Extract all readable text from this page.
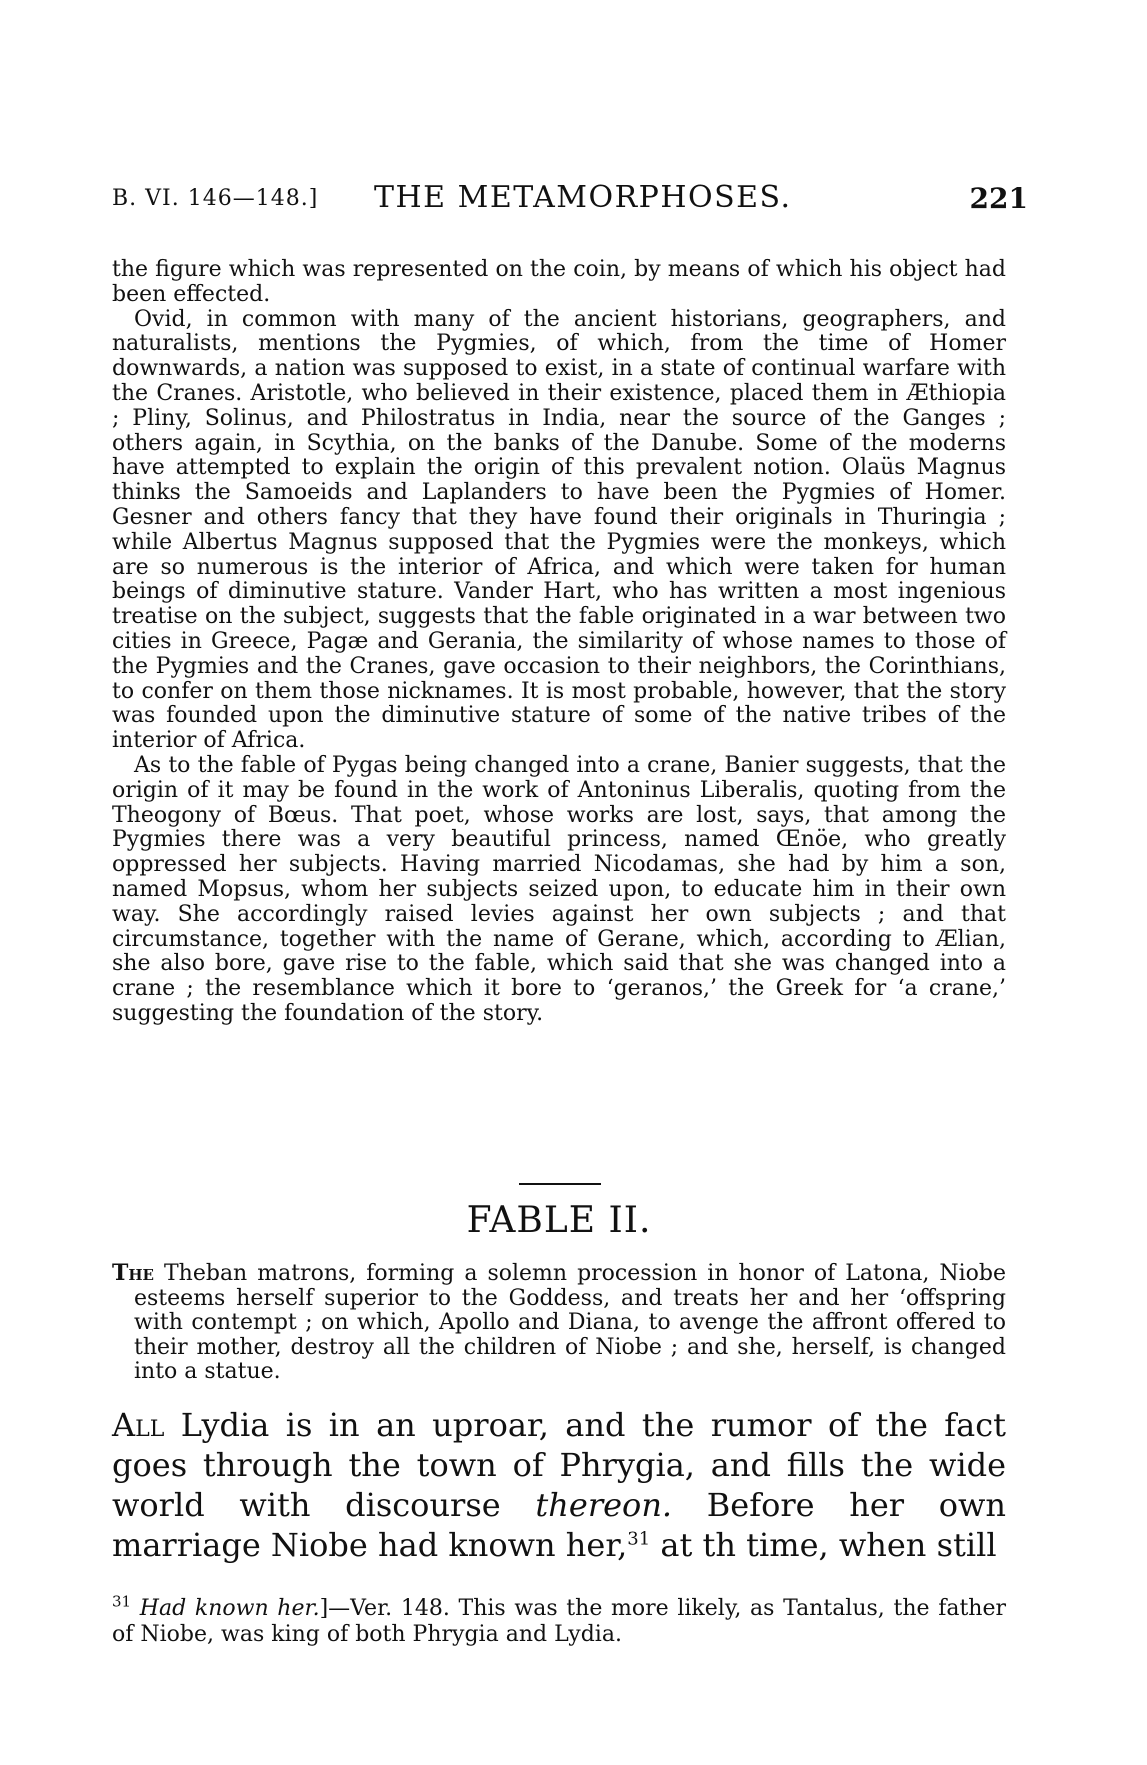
B. VI. 146—148.] THE METAMORPHOSES.	221

the figure which was represented on the coin, by means of which his object had been effected.

Ovid, in common with many of the ancient historians, geographers, and naturalists, mentions the Pygmies, of which, from the time of Homer downwards, a nation was supposed to exist, in a state of continual warfare with the Cranes. Aristotle, who believed in their existence, placed them in Æthiopia ; Pliny, Solinus, and Philostratus in India, near the source of the Ganges ; others again, in Scythia, on the banks of the Danube. Some of the moderns have attempted to explain the origin of this prevalent notion. Olaüs Magnus thinks the Samoeids and Laplanders to have been the Pygmies of Homer. Gesner and others fancy that they have found their originals in Thuringia ; while Albertus Magnus supposed that the Pygmies were the monkeys, which are so numerous is the interior of Africa, and which were taken for human beings of diminutive stature. Vander Hart, who has written a most ingenious treatise on the subject, suggests that the fable originated in a war between two cities in Greece, Pagæ and Gerania, the similarity of whose names to those of the Pygmies and the Cranes, gave occasion to their neighbors, the Corinthians, to confer on them those nicknames. It is most probable, however, that the story was founded upon the diminutive stature of some of the native tribes of the interior of Africa.

As to the fable of Pygas being changed into a crane, Banier suggests, that the origin of it may be found in the work of Antoninus Liberalis, quoting from the Theogony of Bœus. That poet, whose works are lost, says, that among the Pygmies there was a very beautiful princess, named Œnöe, who greatly oppressed her subjects. Having married Nicodamas, she had by him a son, named Mopsus, whom her subjects seized upon, to educate him in their own way. She accordingly raised levies against her own subjects ; and that circumstance, together with the name of Gerane, which, according to Ælian, she also bore, gave rise to the fable, which said that she was changed into a crane ; the resemblance which it bore to ‘geranos,’ the Greek for ‘a crane,’ suggesting the foundation of the story.

FABLE II.
The Theban matrons, forming a solemn procession in honor of Latona, Niobe esteems herself superior to the Goddess, and treats her and her ‘offspring with contempt ; on which, Apollo and Diana, to avenge the affront offered to their mother, destroy all the children of Niobe ; and she, herself, is changed into a statue.
All Lydia is in an uproar, and the rumor of the fact goes through the town of Phrygia, and fills the wide world with discourse thereon. Before her own marriage Niobe had known her,$^{31}$ at th time, when still
$^{31}$ Had known her.]—Ver. 148. This was the more likely, as Tantalus, the father of Niobe, was king of both Phrygia and Lydia.
